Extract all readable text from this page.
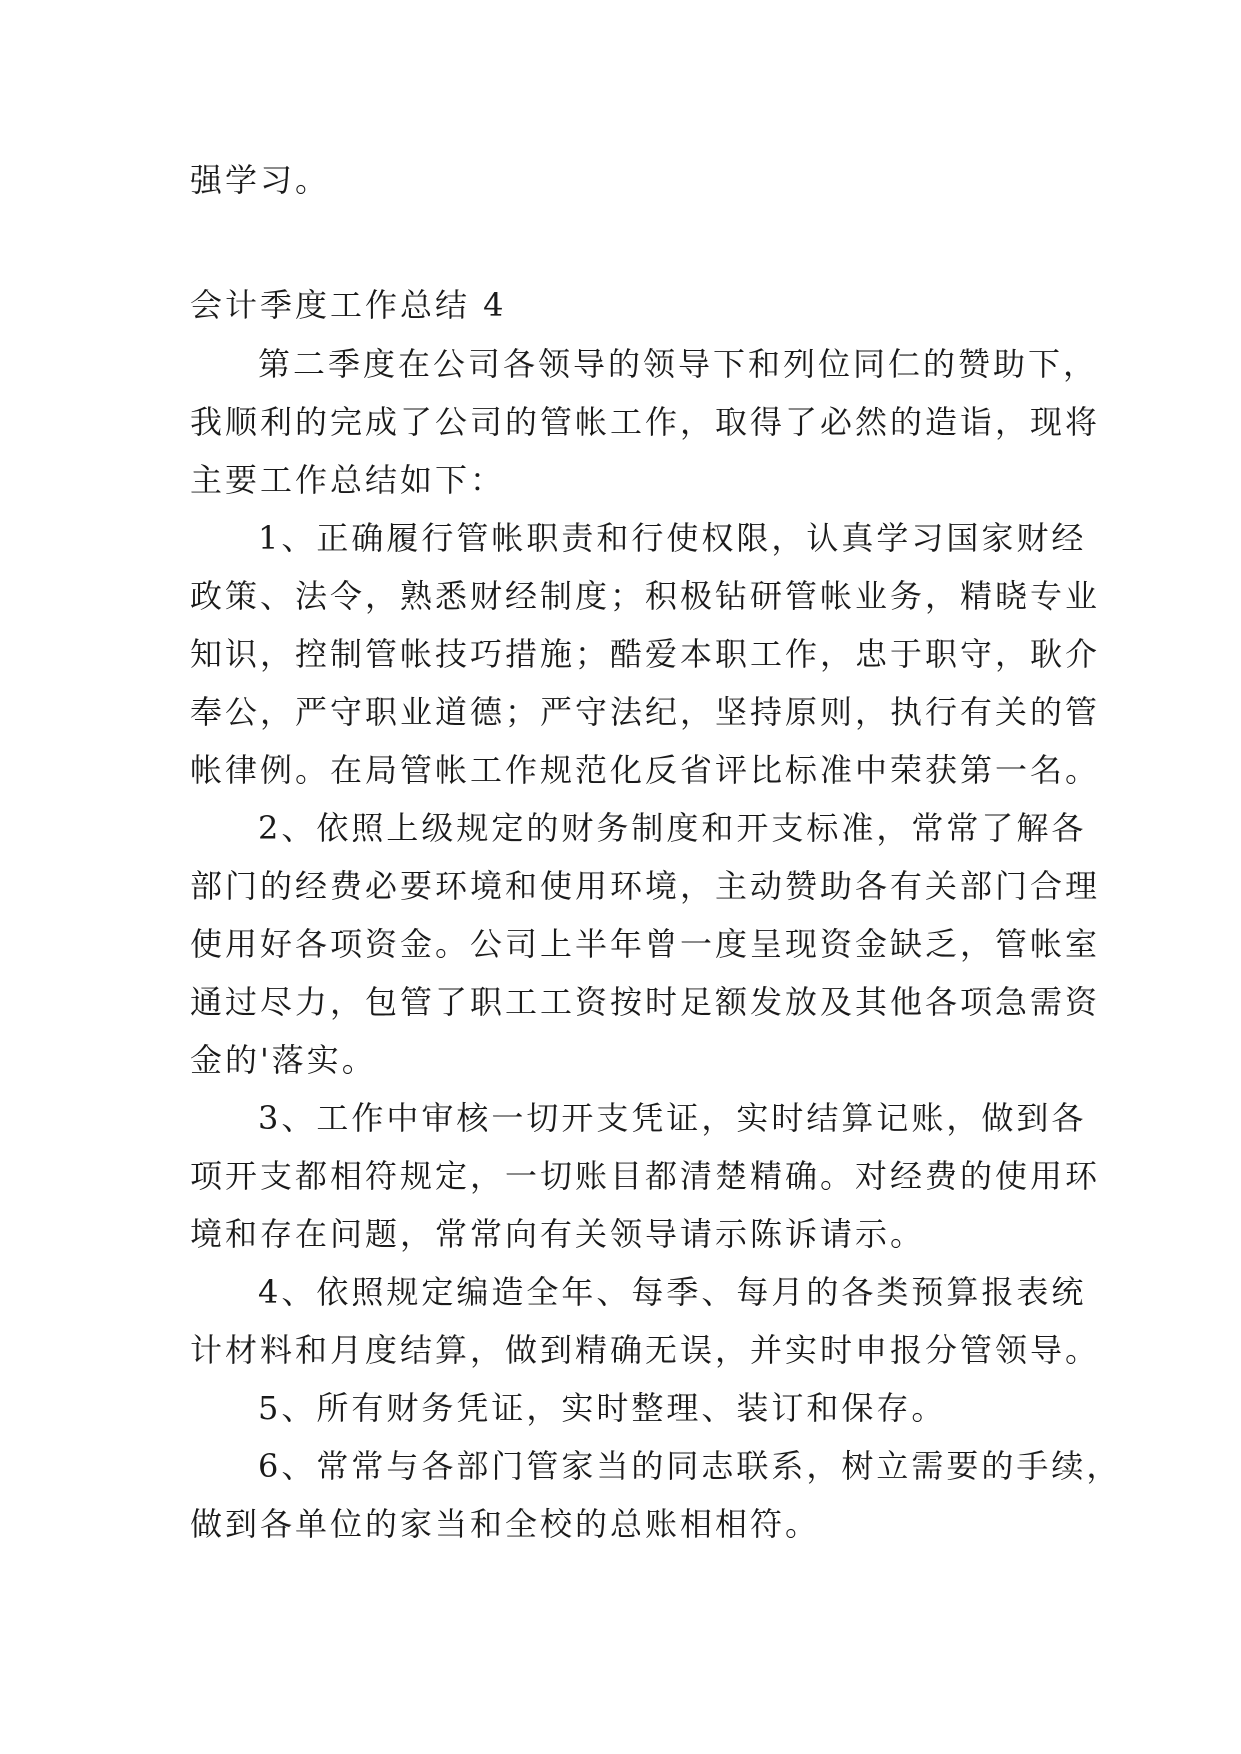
强学习。
会计季度工作总结 4
第二季度在公司各领导的领导下和列位同仁的赞助下，
我顺利的完成了公司的管帐工作，取得了必然的造诣，现将
主要工作总结如下：
1、正确履行管帐职责和行使权限，认真学习国家财经
政策、法令，熟悉财经制度；积极钻研管帐业务，精晓专业
知识，控制管帐技巧措施；酷爱本职工作，忠于职守，耿介
奉公，严守职业道德；严守法纪，坚持原则，执行有关的管
帐律例。在局管帐工作规范化反省评比标准中荣获第一名。
2、依照上级规定的财务制度和开支标准，常常了解各
部门的经费必要环境和使用环境，主动赞助各有关部门合理
使用好各项资金。公司上半年曾一度呈现资金缺乏，管帐室
通过尽力，包管了职工工资按时足额发放及其他各项急需资
金的'落实。
3、工作中审核一切开支凭证，实时结算记账，做到各
项开支都相符规定，一切账目都清楚精确。对经费的使用环
境和存在问题，常常向有关领导请示陈诉请示。
4、依照规定编造全年、每季、每月的各类预算报表统
计材料和月度结算，做到精确无误，并实时申报分管领导。
5、所有财务凭证，实时整理、装订和保存。
6、常常与各部门管家当的同志联系，树立需要的手续，
做到各单位的家当和全校的总账相相符。
